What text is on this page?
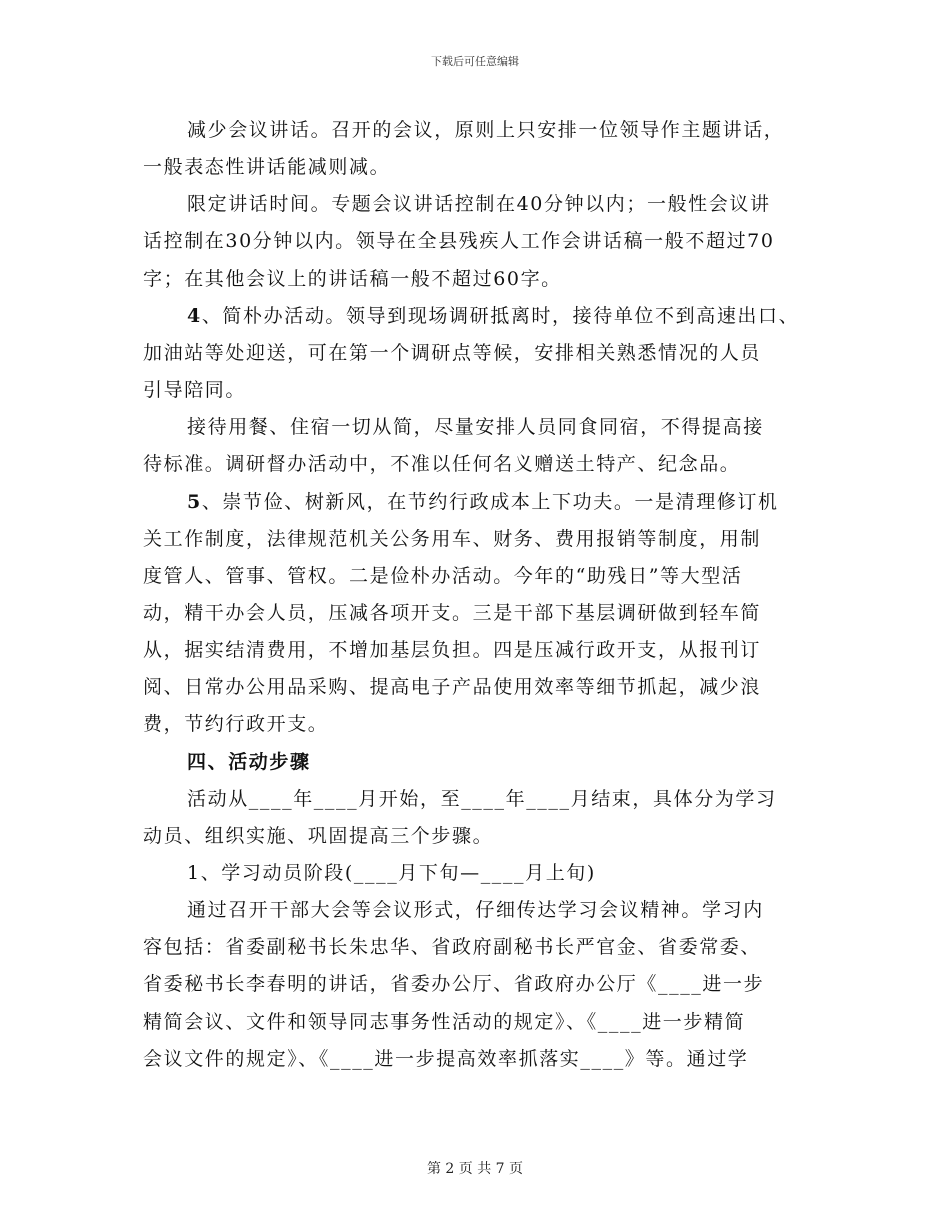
下载后可任意编辑
减少会议讲话。召开的会议，原则上只安排一位领导作主题讲话，
一般表态性讲话能减则减。
限定讲话时间。专题会议讲话控制在40分钟以内；一般性会议讲
话控制在30分钟以内。领导在全县残疾人工作会讲话稿一般不超过70
字；在其他会议上的讲话稿一般不超过60字。
4、简朴办活动。领导到现场调研抵离时，接待单位不到高速出口、
加油站等处迎送，可在第一个调研点等候，安排相关熟悉情况的人员
引导陪同。
接待用餐、住宿一切从简，尽量安排人员同食同宿，不得提高接
待标准。调研督办活动中，不准以任何名义赠送土特产、纪念品。
5、崇节俭、树新风，在节约行政成本上下功夫。一是清理修订机
关工作制度，法律规范机关公务用车、财务、费用报销等制度，用制
度管人、管事、管权。二是俭朴办活动。今年的“助残日”等大型活
动，精干办会人员，压减各项开支。三是干部下基层调研做到轻车简
从，据实结清费用，不增加基层负担。四是压减行政开支，从报刊订
阅、日常办公用品采购、提高电子产品使用效率等细节抓起，减少浪
费，节约行政开支。
四、活动步骤
活动从____年____月开始，至____年____月结束，具体分为学习
动员、组织实施、巩固提高三个步骤。
1、学习动员阶段(____月下旬—____月上旬)
通过召开干部大会等会议形式，仔细传达学习会议精神。学习内
容包括：省委副秘书长朱忠华、省政府副秘书长严官金、省委常委、
省委秘书长李春明的讲话，省委办公厅、省政府办公厅《____进一步
精简会议、文件和领导同志事务性活动的规定》、《____进一步精简
会议文件的规定》、《____进一步提高效率抓落实____》等。通过学
第 2 页 共 7 页
